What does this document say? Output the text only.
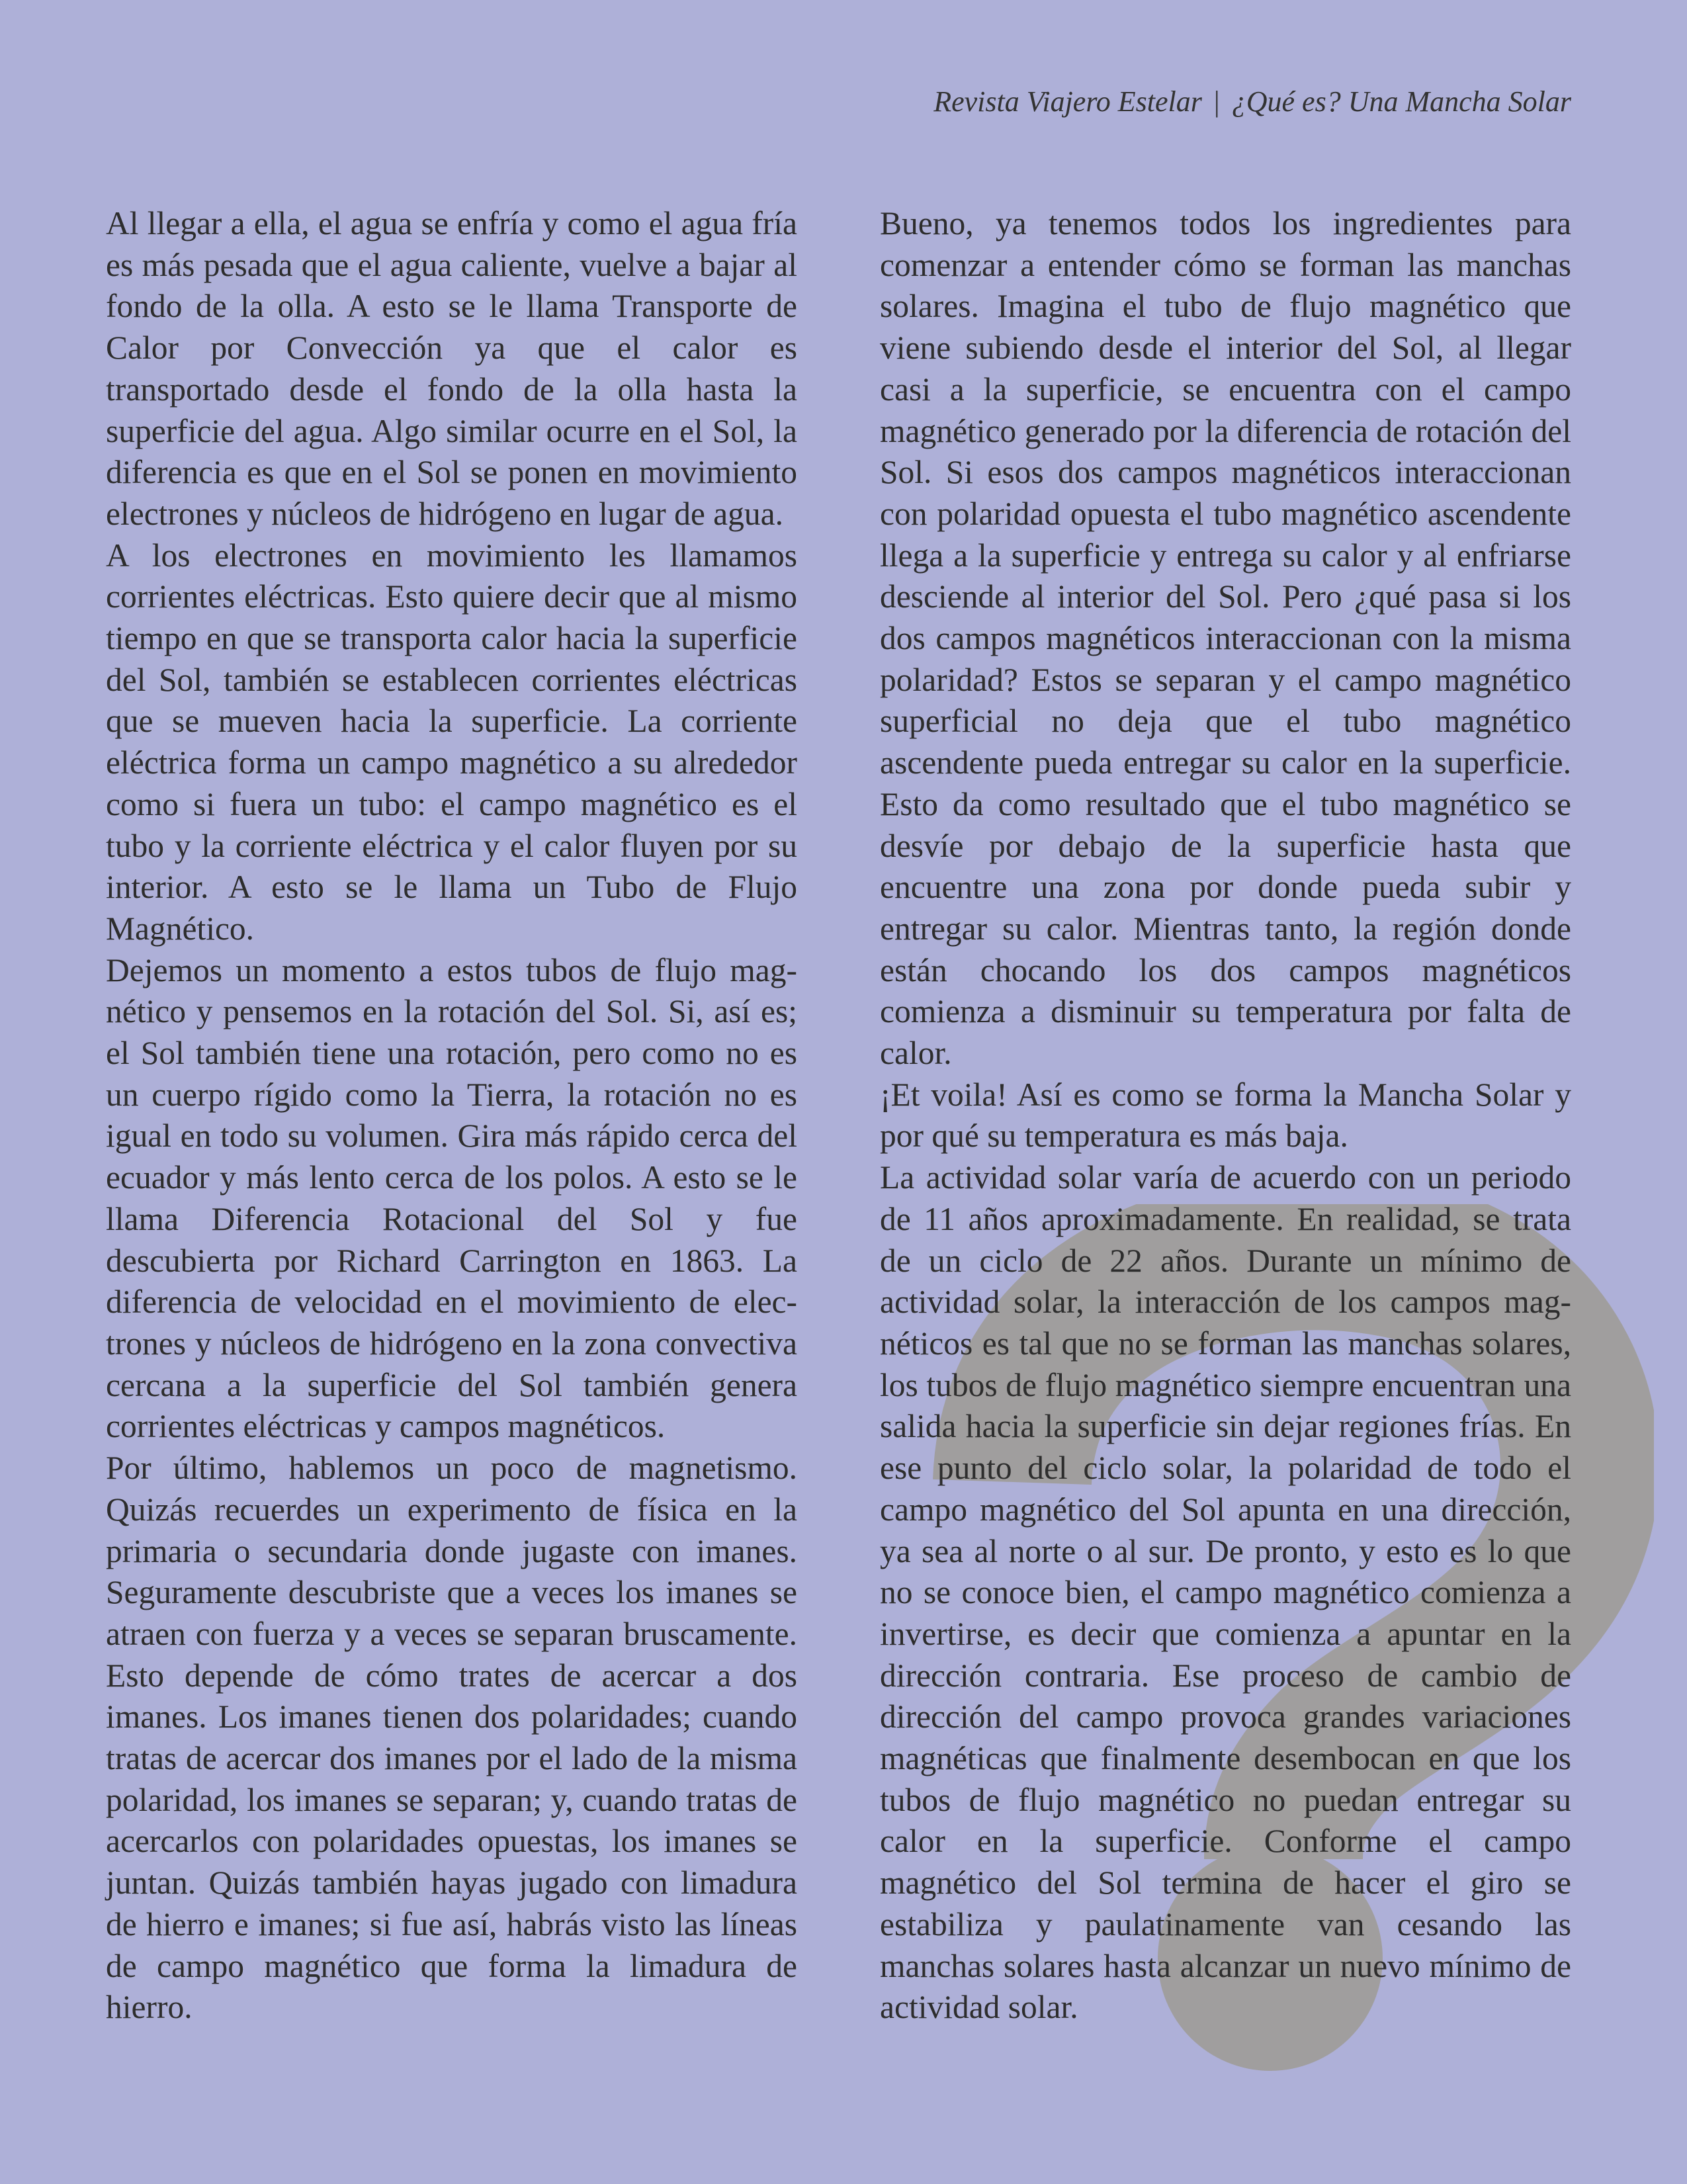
Revista Viajero Estelar | ¿Qué es? Una Mancha Solar

Al llegar a ella, el agua se enfría y como el agua fría es más pesada que el agua caliente, vuelve a bajar al fondo de la olla. A esto se le llama Transporte de Calor por Convección ya que el calor es transportado desde el fondo de la olla hasta la superficie del agua. Algo similar ocurre en el Sol, la diferencia es que en el Sol se ponen en movimiento electrones y núcleos de hidrógeno en lugar de agua.

A los electrones en movimiento les llamamos corrientes eléctricas. Esto quiere decir que al mismo tiempo en que se transporta calor hacia la superficie del Sol, también se establecen corrientes eléctricas que se mueven hacia la superficie. La corriente eléctrica forma un campo magnético a su alrededor como si fuera un tubo: el campo magnético es el tubo y la corriente eléctrica y el calor fluyen por su interior. A esto se le llama un Tubo de Flujo Magnético.

Dejemos un momento a estos tubos de flujo magnético y pensemos en la rotación del Sol. Si, así es; el Sol también tiene una rotación, pero como no es un cuerpo rígido como la Tierra, la rotación no es igual en todo su volumen. Gira más rápido cerca del ecuador y más lento cerca de los polos. A esto se le llama Diferencia Rotacional del Sol y fue descubierta por Richard Carrington en 1863. La diferencia de velocidad en el movimiento de electrones y núcleos de hidrógeno en la zona convectiva cercana a la superficie del Sol también genera corrientes eléctricas y campos magnéticos.

Por último, hablemos un poco de magnetismo. Quizás recuerdes un experimento de física en la primaria o secundaria donde jugaste con imanes. Seguramente descubriste que a veces los imanes se atraen con fuerza y a veces se separan bruscamente. Esto depende de cómo trates de acercar a dos imanes. Los imanes tienen dos polaridades; cuando tratas de acercar dos imanes por el lado de la misma polaridad, los imanes se separan; y, cuando tratas de acercarlos con polaridades opuestas, los imanes se juntan. Quizás también hayas jugado con limadura de hierro e imanes; si fue así, habrás visto las líneas de campo magnético que forma la limadura de hierro.

Bueno, ya tenemos todos los ingredientes para comenzar a entender cómo se forman las manchas solares. Imagina el tubo de flujo magnético que viene subiendo desde el interior del Sol, al llegar casi a la superficie, se encuentra con el campo magnético generado por la diferencia de rotación del Sol. Si esos dos campos magnéticos interaccionan con polaridad opuesta el tubo magnético ascendente llega a la superficie y entrega su calor y al enfriarse desciende al interior del Sol. Pero ¿qué pasa si los dos campos magnéticos interaccionan con la misma polaridad? Estos se separan y el campo magnético superficial no deja que el tubo magnético ascendente pueda entregar su calor en la superficie. Esto da como resultado que el tubo magnético se desvíe por debajo de la superficie hasta que encuentre una zona por donde pueda subir y entregar su calor. Mientras tanto, la región donde están chocando los dos campos magnéticos comienza a disminuir su temperatura por falta de calor.

¡Et voila! Así es como se forma la Mancha Solar y por qué su temperatura es más baja.

La actividad solar varía de acuerdo con un periodo de 11 años aproximadamente. En realidad, se trata de un ciclo de 22 años. Durante un mínimo de actividad solar, la interacción de los campos magnéticos es tal que no se forman las manchas solares, los tubos de flujo magnético siempre encuentran una salida hacia la superficie sin dejar regiones frías. En ese punto del ciclo solar, la polaridad de todo el campo magnético del Sol apunta en una dirección, ya sea al norte o al sur. De pronto, y esto es lo que no se conoce bien, el campo magnético comienza a invertirse, es decir que comienza a apuntar en la dirección contraria. Ese proceso de cambio de dirección del campo provoca grandes variaciones magnéticas que finalmente desembocan en que los tubos de flujo magnético no puedan entregar su calor en la superficie. Conforme el campo magnético del Sol termina de hacer el giro se estabiliza y paulatinamente van cesando las manchas solares hasta alcanzar un nuevo mínimo de actividad solar.
